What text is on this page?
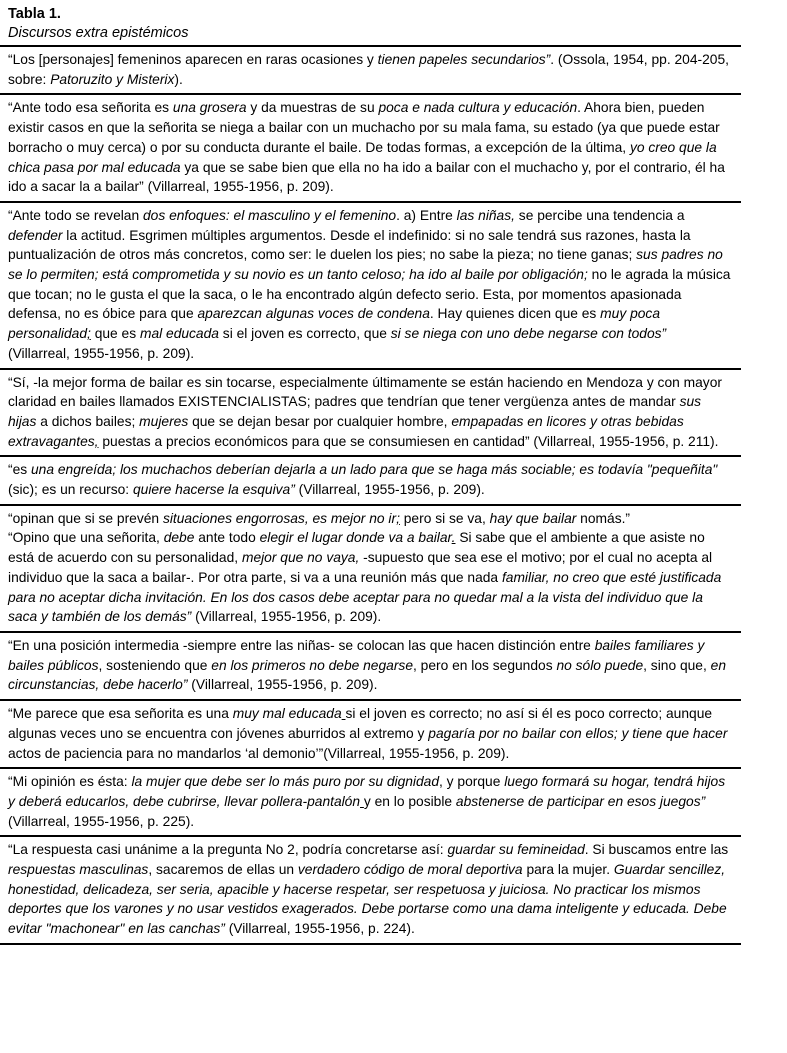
Tabla 1.
Discursos extra epistémicos

“Los [personajes] femeninos aparecen en raras ocasiones y tienen papeles secundarios”. (Ossola, 1954, pp. 204-205, sobre: Patoruzito y Misterix).

“Ante todo esa señorita es una grosera y da muestras de su poca e nada cultura y educación. Ahora bien, pueden existir casos en que la señorita se niega a bailar con un muchacho por su mala fama, su estado (ya que puede estar borracho o muy cerca) o por su conducta durante el baile. De todas formas, a excepción de la última, yo creo que la chica pasa por mal educada ya que se sabe bien que ella no ha ido a bailar con el muchacho y, por el contrario, él ha ido a sacar la a bailar” (Villarreal, 1955-1956, p. 209).

“Ante todo se revelan dos enfoques: el masculino y el femenino. a) Entre las niñas, se percibe una tendencia a defender la actitud. Esgrimen múltiples argumentos. Desde el indefinido: si no sale tendrá sus razones, hasta la puntualización de otros más concretos, como ser: le duelen los pies; no sabe la pieza; no tiene ganas; sus padres no se lo permiten; está comprometida y su novio es un tanto celoso; ha ido al baile por obligación; no le agrada la música que tocan; no le gusta el que la saca, o le ha encontrado algún defecto serio. Esta, por momentos apasionada defensa, no es óbice para que aparezcan algunas voces de condena. Hay quienes dicen que es muy poca personalidad; que es mal educada si el joven es correcto, que si se niega con uno debe negarse con todos” (Villarreal, 1955-1956, p. 209).

“Sí, -la mejor forma de bailar es sin tocarse, especialmente últimamente se están haciendo en Mendoza y con mayor claridad en bailes llamados EXISTENCIALISTAS; padres que tendrían que tener vergüenza antes de mandar sus hijas a dichos bailes; mujeres que se dejan besar por cualquier hombre, empapadas en licores y otras bebidas extravagantes, puestas a precios económicos para que se consumiesen en cantidad” (Villarreal, 1955-1956, p. 211).

“es una engreída; los muchachos deberían dejarla a un lado para que se haga más sociable; es todavía "pequeñita" (sic); es un recurso: quiere hacerse la esquiva” (Villarreal, 1955-1956, p. 209).

“opinan que si se prevén situaciones engorrosas, es mejor no ir; pero si se va, hay que bailar nomás.”

“Opino que una señorita, debe ante todo elegir el lugar donde va a bailar. Si sabe que el ambiente a que asiste no está de acuerdo con su personalidad, mejor que no vaya, -supuesto que sea ese el motivo; por el cual no acepta al individuo que la saca a bailar-. Por otra parte, si va a una reunión más que nada familiar, no creo que esté justificada para no aceptar dicha invitación. En los dos casos debe aceptar para no quedar mal a la vista del individuo que la saca y también de los demás” (Villarreal, 1955-1956, p. 209).

“En una posición intermedia -siempre entre las niñas- se colocan las que hacen distinción entre bailes familiares y bailes públicos, sosteniendo que en los primeros no debe negarse, pero en los segundos no sólo puede, sino que, en circunstancias, debe hacerlo” (Villarreal, 1955-1956, p. 209).

“Me parece que esa señorita es una muy mal educada si el joven es correcto; no así si él es poco correcto; aunque algunas veces uno se encuentra con jóvenes aburridos al extremo y pagaría por no bailar con ellos; y tiene que hacer actos de paciencia para no mandarlos ‘al demonio’”(Villarreal, 1955-1956, p. 209).

“Mi opinión es ésta: la mujer que debe ser lo más puro por su dignidad, y porque luego formará su hogar, tendrá hijos y deberá educarlos, debe cubrirse, llevar pollera-pantalón y en lo posible abstenerse de participar en esos juegos” (Villarreal, 1955-1956, p. 225).

“La respuesta casi unánime a la pregunta No 2, podría concretarse así: guardar su femineidad. Si buscamos entre las respuestas masculinas, sacaremos de ellas un verdadero código de moral deportiva para la mujer. Guardar sencillez, honestidad, delicadeza, ser seria, apacible y hacerse respetar, ser respetuosa y juiciosa. No practicar los mismos deportes que los varones y no usar vestidos exagerados. Debe portarse como una dama inteligente y educada. Debe evitar "machonear" en las canchas” (Villarreal, 1955-1956, p. 224).
